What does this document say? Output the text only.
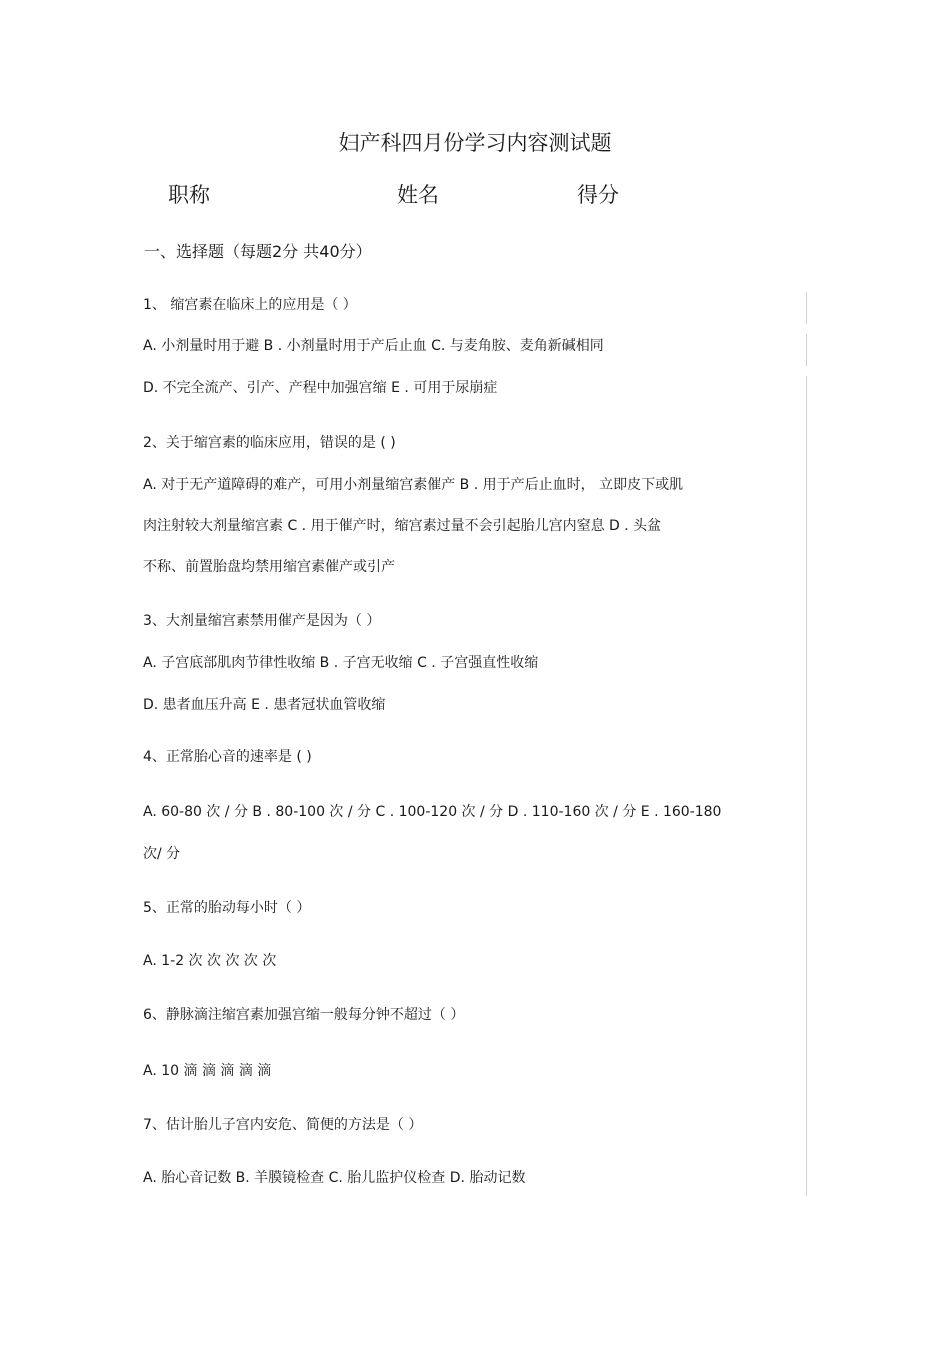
妇产科四月份学习内容测试题
职称	姓名	得分
一、选择题（每题2分 共40分）
1、 缩宫素在临床上的应用是（ ）
A. 小剂量时用于避 B . 小剂量时用于产后止血 C. 与麦角胺、麦角新碱相同
D. 不完全流产、引产、产程中加强宫缩 E . 可用于尿崩症
2、关于缩宫素的临床应用，错误的是 ( )
A. 对于无产道障碍的难产，可用小剂量缩宫素催产 B . 用于产后止血时， 立即皮下或肌
肉注射较大剂量缩宫素 C . 用于催产时，缩宫素过量不会引起胎儿宫内窒息 D . 头盆
不称、前置胎盘均禁用缩宫素催产或引产
3、大剂量缩宫素禁用催产是因为（ ）
A. 子宫底部肌肉节律性收缩 B . 子宫无收缩 C . 子宫强直性收缩
D. 患者血压升高 E . 患者冠状血管收缩
4、正常胎心音的速率是 ( )
A. 60-80 次 / 分 B . 80-100 次 / 分 C . 100-120 次 / 分 D . 110-160 次 / 分 E . 160-180
次/ 分
5、正常的胎动每小时（ ）
A. 1-2 次 次 次 次 次
6、静脉滴注缩宫素加强宫缩一般每分钟不超过（ ）
A. 10 滴 滴 滴 滴 滴
7、估计胎儿子宫内安危、简便的方法是（ ）
A. 胎心音记数 B. 羊膜镜检查 C. 胎儿监护仪检查 D. 胎动记数
